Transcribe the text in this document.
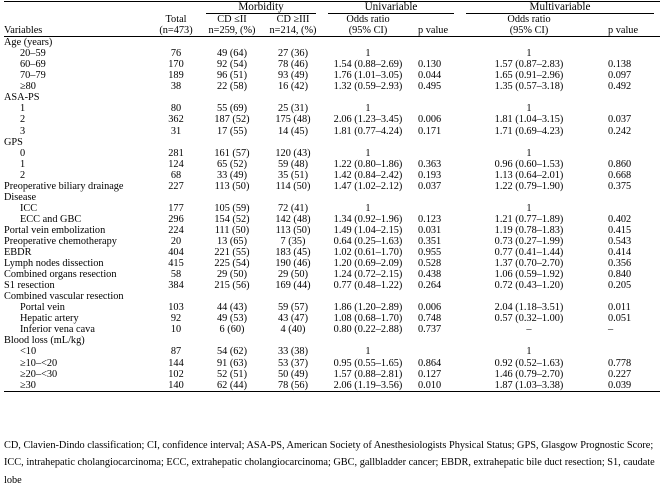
		Morbidity		Univariable		Multivariable	

	Total	CD ≤II	CD ≥III	Odds ratio		Odds ratio	
Variables	(n=473)	n=259, (%)	n=214, (%)	(95% CI)	p value	(95% CI)	p value
Age (years)							
20–59	76	49 (64)	27 (36)	1		1	
60–69	170	92 (54)	78 (46)	1.54 (0.88–2.69)	0.130	1.57 (0.87–2.83)	0.138
70–79	189	96 (51)	93 (49)	1.76 (1.01–3.05)	0.044	1.65 (0.91–2.96)	0.097
≥80	38	22 (58)	16 (42)	1.32 (0.59–2.93)	0.495	1.35 (0.57–3.18)	0.492
ASA-PS							
1	80	55 (69)	25 (31)	1		1	
2	362	187 (52)	175 (48)	2.06 (1.23–3.45)	0.006	1.81 (1.04–3.15)	0.037
3	31	17 (55)	14 (45)	1.81 (0.77–4.24)	0.171	1.71 (0.69–4.23)	0.242
GPS							
0	281	161 (57)	120 (43)	1		1	
1	124	65 (52)	59 (48)	1.22 (0.80–1.86)	0.363	0.96 (0.60–1.53)	0.860
2	68	33 (49)	35 (51)	1.42 (0.84–2.42)	0.193	1.13 (0.64–2.01)	0.668
Preoperative biliary drainage	227	113 (50)	114 (50)	1.47 (1.02–2.12)	0.037	1.22 (0.79–1.90)	0.375
Disease							
ICC	177	105 (59)	72 (41)	1		1	
ECC and GBC	296	154 (52)	142 (48)	1.34 (0.92–1.96)	0.123	1.21 (0.77–1.89)	0.402
Portal vein embolization	224	111 (50)	113 (50)	1.49 (1.04–2.15)	0.031	1.19 (0.78–1.83)	0.415
Preoperative chemotherapy	20	13 (65)	7 (35)	0.64 (0.25–1.63)	0.351	0.73 (0.27–1.99)	0.543
EBDR	404	221 (55)	183 (45)	1.02 (0.61–1.70)	0.955	0.77 (0.41–1.44)	0.414
Lymph nodes dissection	415	225 (54)	190 (46)	1.20 (0.69–2.09)	0.528	1.37 (0.70–2.70)	0.356
Combined organs resection	58	29 (50)	29 (50)	1.24 (0.72–2.15)	0.438	1.06 (0.59–1.92)	0.840
S1 resection	384	215 (56)	169 (44)	0.77 (0.48–1.22)	0.264	0.72 (0.43–1.20)	0.205
Combined vascular resection							
Portal vein	103	44 (43)	59 (57)	1.86 (1.20–2.89)	0.006	2.04 (1.18–3.51)	0.011
Hepatic artery	92	49 (53)	43 (47)	1.08 (0.68–1.70)	0.748	0.57 (0.32–1.00)	0.051
Inferior vena cava	10	6 (60)	4 (40)	0.80 (0.22–2.88)	0.737	–	–
Blood loss (mL/kg)							
<10	87	54 (62)	33 (38)	1		1	
≥10–<20	144	91 (63)	53 (37)	0.95 (0.55–1.65)	0.864	0.92 (0.52–1.63)	0.778
≥20–<30	102	52 (51)	50 (49)	1.57 (0.88–2.81)	0.127	1.46 (0.79–2.70)	0.227
≥30	140	62 (44)	78 (56)	2.06 (1.19–3.56)	0.010	1.87 (1.03–3.38)	0.039
CD, Clavien-Dindo classification; CI, confidence interval; ASA-PS, American Society of Anesthesiologists Physical Status; GPS, Glasgow Prognostic Score; ICC, intrahepatic cholangiocarcinoma; ECC, extrahepatic cholangiocarcinoma; GBC, gallbladder cancer; EBDR, extrahepatic bile duct resection; S1, caudate lobe
